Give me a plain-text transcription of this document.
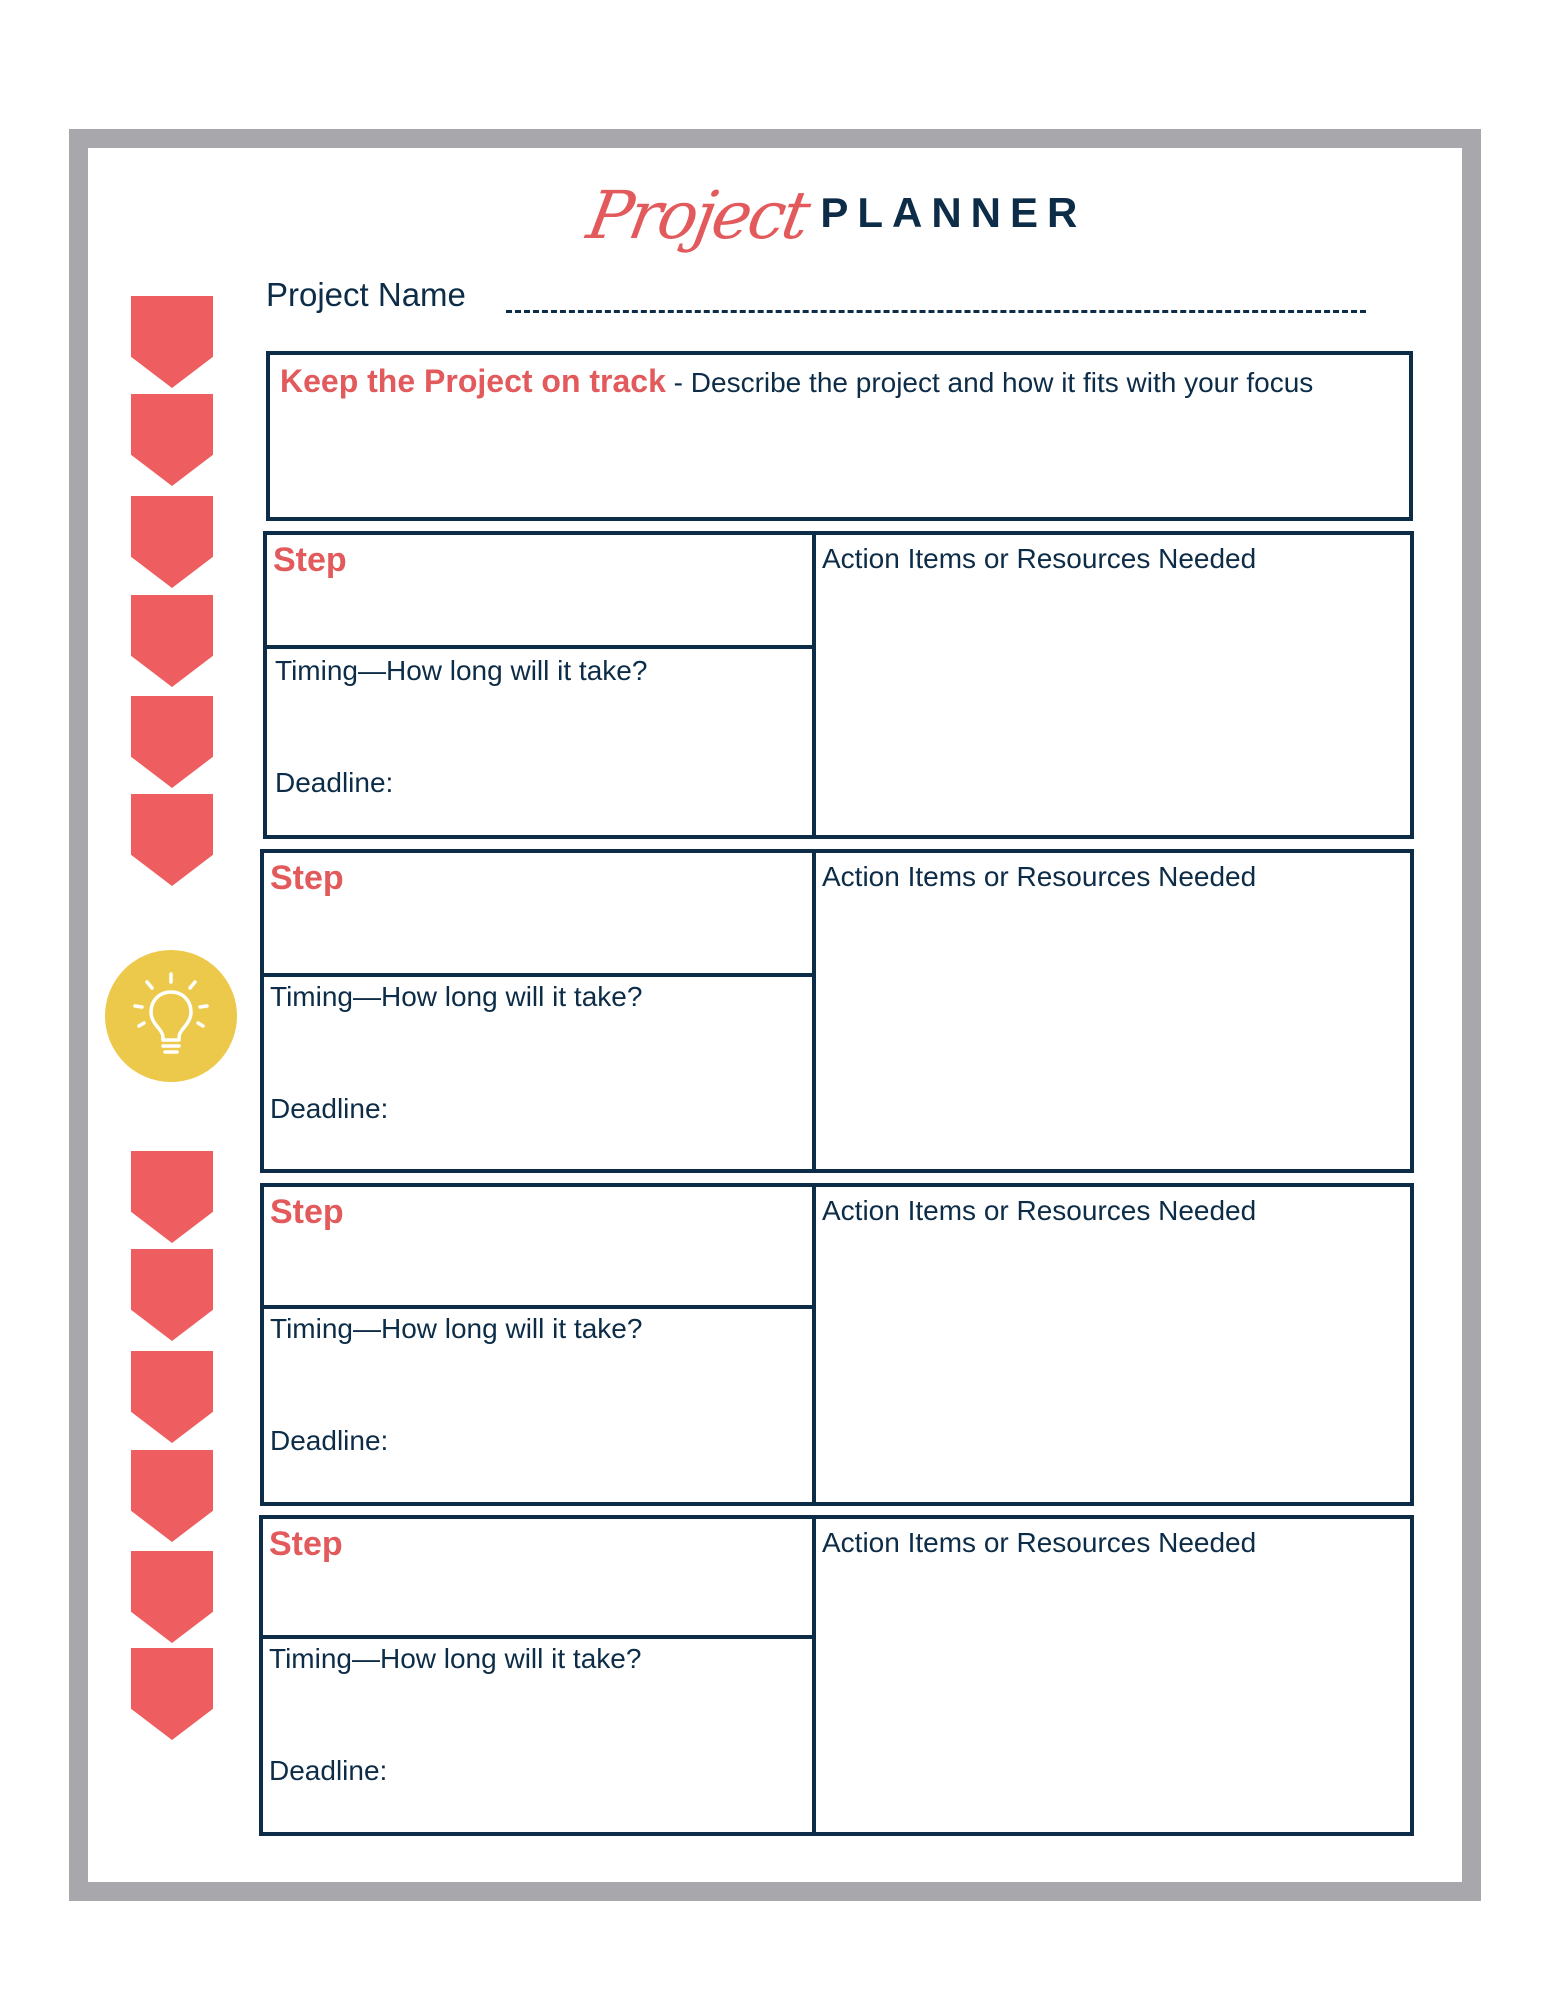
Project PLANNER
Project Name
Keep the Project on track - Describe the project and how it fits with your focus
Step
Timing—How long will it take?
Deadline:
Action Items or Resources Needed
Step
Timing—How long will it take?
Deadline:
Action Items or Resources Needed
Step
Timing—How long will it take?
Deadline:
Action Items or Resources Needed
Step
Timing—How long will it take?
Deadline:
Action Items or Resources Needed
